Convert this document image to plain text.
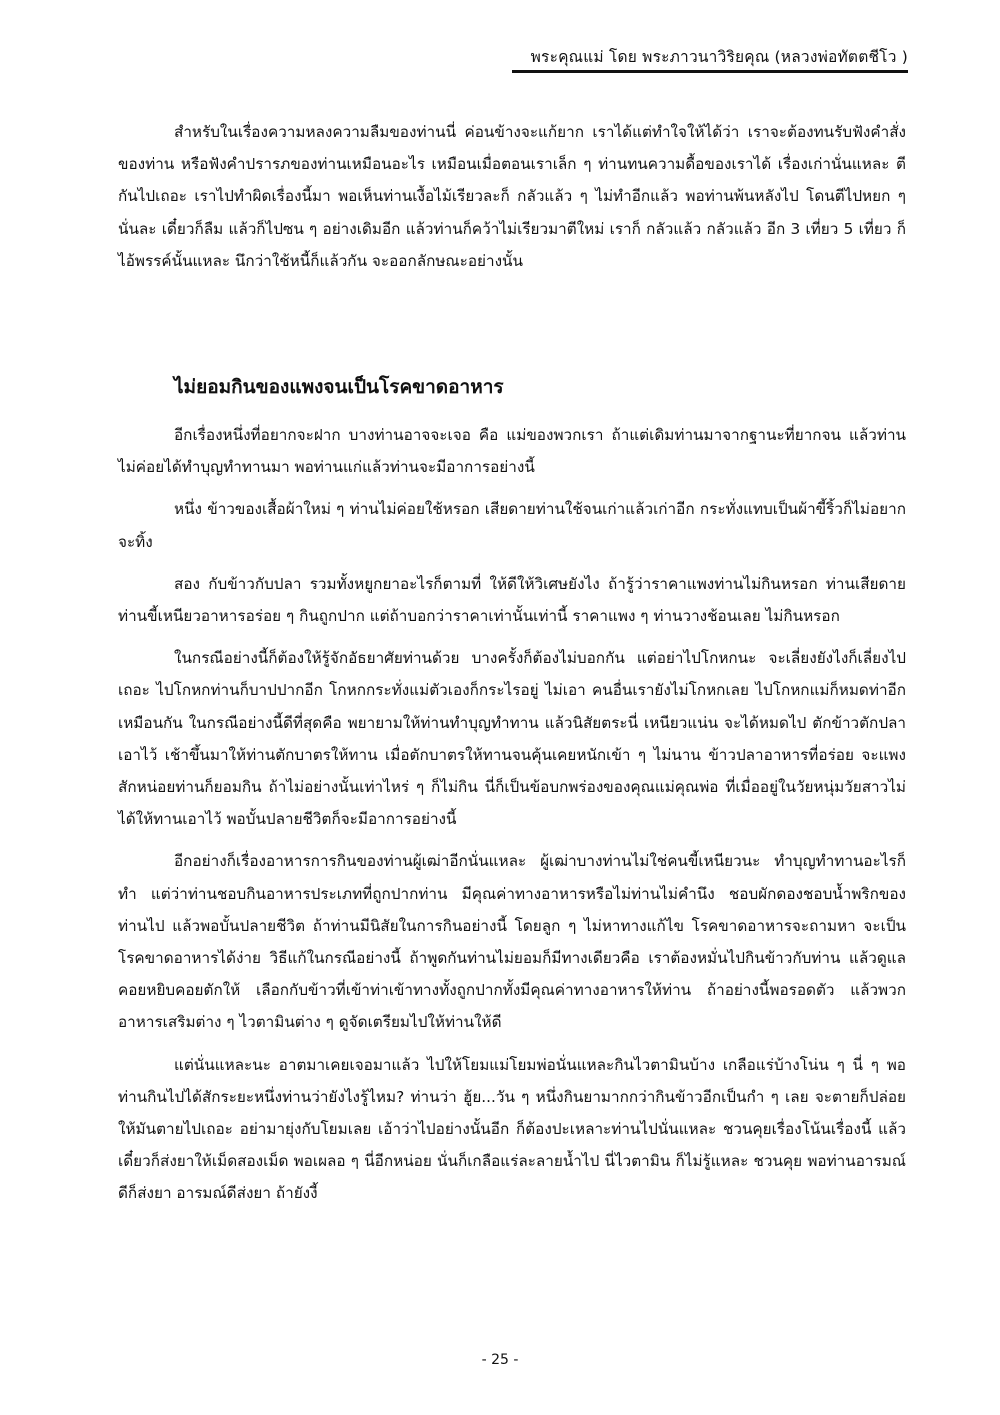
พระคุณแม่ โดย พระภาวนาวิริยคุณ (หลวงพ่อทัตตชีโว )

สำหรับในเรื่องความหลงความลืมของท่านนี่ ค่อนข้างจะแก้ยาก เราได้แต่ทำใจให้ได้ว่า เราจะต้องทนรับฟังคำสั่งของท่าน หรือฟังคำปรารภของท่านเหมือนอะไร เหมือนเมื่อตอนเราเล็ก ๆ ท่านทนความดื้อของเราได้ เรื่องเก่านั่นแหละ ตีกันไปเถอะ เราไปทำผิดเรื่องนี้มา พอเห็นท่านเงื้อไม้เรียวละก็ กลัวแล้ว ๆ ไม่ทำอีกแล้ว พอท่านพ้นหลังไป โดนตีไปหยก ๆ นั่นละ เดี๋ยวก็ลืม แล้วก็ไปซน ๆ อย่างเดิมอีก แล้วท่านก็คว้าไม่เรียวมาตีใหม่ เราก็ กลัวแล้ว กลัวแล้ว อีก 3 เที่ยว 5 เที่ยว ก็ไอ้พรรค์นั้นแหละ นึกว่าใช้หนี้ก็แล้วกัน จะออกลักษณะอย่างนั้น

ไม่ยอมกินของแพงจนเป็นโรคขาดอาหาร

อีกเรื่องหนึ่งที่อยากจะฝาก บางท่านอาจจะเจอ คือ แม่ของพวกเรา ถ้าแต่เดิมท่านมาจากฐานะที่ยากจน แล้วท่านไม่ค่อยได้ทำบุญทำทานมา พอท่านแก่แล้วท่านจะมีอาการอย่างนี้

หนึ่ง ข้าวของเสื้อผ้าใหม่ ๆ ท่านไม่ค่อยใช้หรอก เสียดายท่านใช้จนเก่าแล้วเก่าอีก กระทั่งแทบเป็นผ้าขี้ริ้วก็ไม่อยากจะทิ้ง

สอง กับข้าวกับปลา รวมทั้งหยูกยาอะไรก็ตามที่ ให้ดีให้วิเศษยังไง ถ้ารู้ว่าราคาแพงท่านไม่กินหรอก ท่านเสียดาย ท่านขี้เหนียวอาหารอร่อย ๆ กินถูกปาก แต่ถ้าบอกว่าราคาเท่านั้นเท่านี้ ราคาแพง ๆ ท่านวางช้อนเลย ไม่กินหรอก

ในกรณีอย่างนี้ก็ต้องให้รู้จักอัธยาศัยท่านด้วย บางครั้งก็ต้องไม่บอกกัน แต่อย่าไปโกหกนะ จะเลี่ยงยังไงก็เลี่ยงไปเถอะ ไปโกหกท่านก็บาปปากอีก โกหกกระทั่งแม่ตัวเองก็กระไรอยู่ ไม่เอา คนอื่นเรายังไม่โกหกเลย ไปโกหกแม่ก็หมดท่าอีกเหมือนกัน ในกรณีอย่างนี้ดีที่สุดคือ พยายามให้ท่านทำบุญทำทาน แล้วนิสัยตระนี่ เหนียวแน่น จะได้หมดไป ตักข้าวตักปลาเอาไว้ เช้าขึ้นมาให้ท่านตักบาตรให้ทาน เมื่อตักบาตรให้ทานจนคุ้นเคยหนักเข้า ๆ ไม่นาน ข้าวปลาอาหารที่อร่อย จะแพงสักหน่อยท่านก็ยอมกิน ถ้าไม่อย่างนั้นเท่าไหร่ ๆ ก็ไม่กิน นี่ก็เป็นข้อบกพร่องของคุณแม่คุณพ่อ ที่เมื่ออยู่ในวัยหนุ่มวัยสาวไม่ได้ให้ทานเอาไว้ พอบั้นปลายชีวิตก็จะมีอาการอย่างนี้

อีกอย่างก็เรื่องอาหารการกินของท่านผู้เฒ่าอีกนั่นแหละ ผู้เฒ่าบางท่านไม่ใช่คนขี้เหนียวนะ ทำบุญทำทานอะไรก็ทำ แต่ว่าท่านชอบกินอาหารประเภทที่ถูกปากท่าน มีคุณค่าทางอาหารหรือไม่ท่านไม่คำนึง ชอบผักดองชอบน้ำพริกของท่านไป แล้วพอบั้นปลายชีวิต ถ้าท่านมีนิสัยในการกินอย่างนี้ โดยลูก ๆ ไม่หาทางแก้ไข โรคขาดอาหารจะถามหา จะเป็นโรคขาดอาหารได้ง่าย วิธีแก้ในกรณีอย่างนี้ ถ้าพูดกันท่านไม่ยอมก็มีทางเดียวคือ เราต้องหมั่นไปกินข้าวกับท่าน แล้วดูแลคอยหยิบคอยตักให้ เลือกกับข้าวที่เข้าท่าเข้าทางทั้งถูกปากทั้งมีคุณค่าทางอาหารให้ท่าน ถ้าอย่างนี้พอรอดตัว แล้วพวกอาหารเสริมต่าง ๆ ไวตามินต่าง ๆ ดูจัดเตรียมไปให้ท่านให้ดี

แต่นั่นแหละนะ อาตมาเคยเจอมาแล้ว ไปให้โยมแม่โยมพ่อนั่นแหละกินไวตามินบ้าง เกลือแร่บ้างโน่น ๆ นี่ ๆ พอท่านกินไปได้สักระยะหนึ่งท่านว่ายังไงรู้ไหม? ท่านว่า ฮู้ย...วัน ๆ หนึ่งกินยามากกว่ากินข้าวอีกเป็นกำ ๆ เลย จะตายก็ปล่อยให้มันตายไปเถอะ อย่ามายุ่งกับโยมเลย เอ้าว่าไปอย่างนั้นอีก ก็ต้องปะเหลาะท่านไปนั่นแหละ ชวนคุยเรื่องโน้นเรื่องนี้ แล้วเดี๋ยวก็ส่งยาให้เม็ดสองเม็ด พอเผลอ ๆ นี่อีกหน่อย นั่นก็เกลือแร่ละลายน้ำไป นี่ไวตามิน ก็ไม่รู้แหละ ชวนคุย พอท่านอารมณ์ดีก็ส่งยา อารมณ์ดีส่งยา ถ้ายังงี้

- 25 -
